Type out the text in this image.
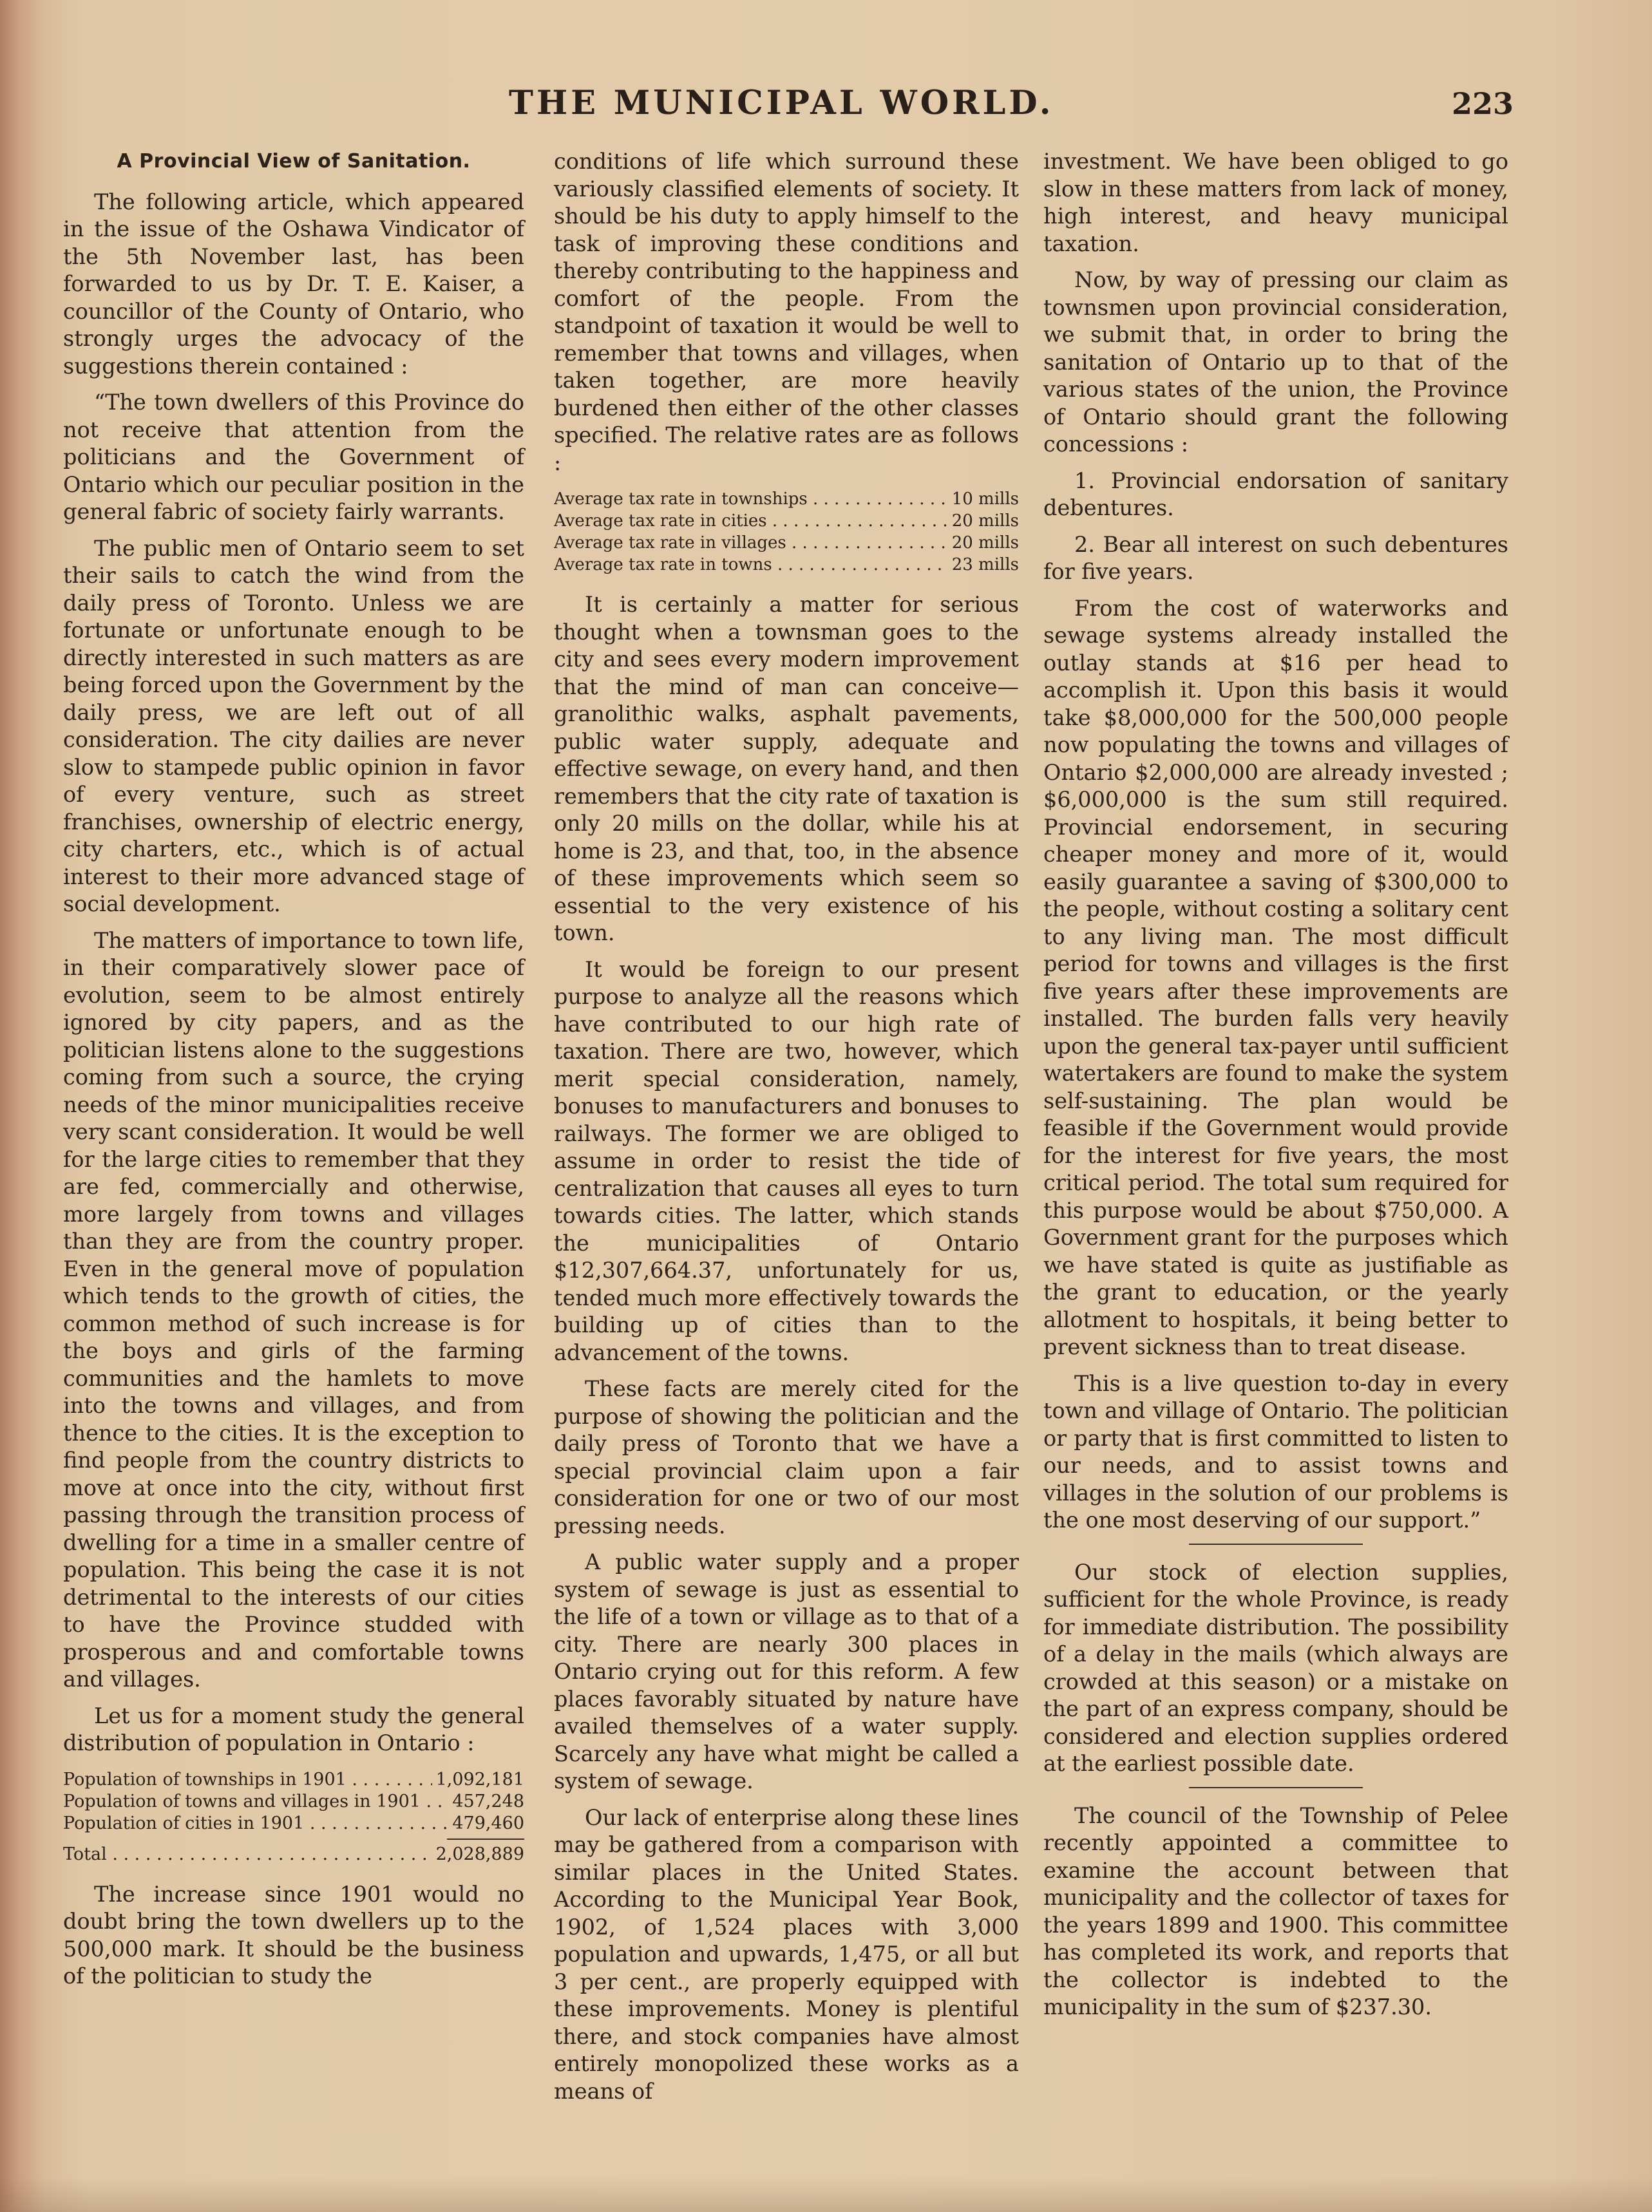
THE MUNICIPAL WORLD.	223
A Provincial View of Sanitation.

The following article, which appeared in the issue of the Oshawa Vindicator of the 5th November last, has been forwarded to us by Dr. T. E. Kaiser, a councillor of the County of Ontario, who strongly urges the advocacy of the suggestions therein contained :

“The town dwellers of this Province do not receive that attention from the politicians and the Government of Ontario which our peculiar position in the general fabric of society fairly warrants.

The public men of Ontario seem to set their sails to catch the wind from the daily press of Toronto. Unless we are fortunate or unfortunate enough to be directly interested in such matters as are being forced upon the Government by the daily press, we are left out of all consideration. The city dailies are never slow to stampede public opinion in favor of every venture, such as street franchises, ownership of electric energy, city charters, etc., which is of actual interest to their more advanced stage of social development.

The matters of importance to town life, in their comparatively slower pace of evolution, seem to be almost entirely ignored by city papers, and as the politician listens alone to the suggestions coming from such a source, the crying needs of the minor municipalities receive very scant consideration. It would be well for the large cities to remember that they are fed, commercially and otherwise, more largely from towns and villages than they are from the country proper. Even in the general move of population which tends to the growth of cities, the common method of such increase is for the boys and girls of the farming communities and the hamlets to move into the towns and villages, and from thence to the cities. It is the exception to find people from the country districts to move at once into the city, without first passing through the transition process of dwelling for a time in a smaller centre of population. This being the case it is not detrimental to the interests of our cities to have the Province studded with prosperous and and comfortable towns and villages.

Let us for a moment study the general distribution of population in Ontario :

Population of townships in 1901 . . .	1,092,181
Population of towns and villages in 1901 . . .	457,248
Population of cities in 1901 . . .	479,460
Total . . .	2,028,889

The increase since 1901 would no doubt bring the town dwellers up to the 500,000 mark. It should be the business of the politician to study the

conditions of life which surround these variously classified elements of society. It should be his duty to apply himself to the task of improving these conditions and thereby contributing to the happiness and comfort of the people. From the standpoint of taxation it would be well to remember that towns and villages, when taken together, are more heavily burdened then either of the other classes specified. The relative rates are as follows :

Average tax rate in townships . . .	10 mills
Average tax rate in cities . . .	20 mills
Average tax rate in villages . . .	20 mills
Average tax rate in towns . . .	23 mills

It is certainly a matter for serious thought when a townsman goes to the city and sees every modern improvement that the mind of man can conceive—granolithic walks, asphalt pavements, public water supply, adequate and effective sewage, on every hand, and then remembers that the city rate of taxation is only 20 mills on the dollar, while his at home is 23, and that, too, in the absence of these improvements which seem so essential to the very existence of his town.

It would be foreign to our present purpose to analyze all the reasons which have contributed to our high rate of taxation. There are two, however, which merit special consideration, namely, bonuses to manufacturers and bonuses to railways. The former we are obliged to assume in order to resist the tide of centralization that causes all eyes to turn towards cities. The latter, which stands the municipalities of Ontario $12,307,664.37, unfortunately for us, tended much more effectively towards the building up of cities than to the advancement of the towns.

These facts are merely cited for the purpose of showing the politician and the daily press of Toronto that we have a special provincial claim upon a fair consideration for one or two of our most pressing needs.

A public water supply and a proper system of sewage is just as essential to the life of a town or village as to that of a city. There are nearly 300 places in Ontario crying out for this reform. A few places favorably situated by nature have availed themselves of a water supply. Scarcely any have what might be called a system of sewage.

Our lack of enterprise along these lines may be gathered from a comparison with similar places in the United States. According to the Municipal Year Book, 1902, of 1,524 places with 3,000 population and upwards, 1,475, or all but 3 per cent., are properly equipped with these improvements. Money is plentiful there, and stock companies have almost entirely monopolized these works as a means of

investment. We have been obliged to go slow in these matters from lack of money, high interest, and heavy municipal taxation.

Now, by way of pressing our claim as townsmen upon provincial consideration, we submit that, in order to bring the sanitation of Ontario up to that of the various states of the union, the Province of Ontario should grant the following concessions :

1. Provincial endorsation of sanitary debentures.

2. Bear all interest on such debentures for five years.

From the cost of waterworks and sewage systems already installed the outlay stands at $16 per head to accomplish it. Upon this basis it would take $8,000,000 for the 500,000 people now populating the towns and villages of Ontario $2,000,000 are already invested ; $6,000,000 is the sum still required. Provincial endorsement, in securing cheaper money and more of it, would easily guarantee a saving of $300,000 to the people, without costing a solitary cent to any living man. The most difficult period for towns and villages is the first five years after these improvements are installed. The burden falls very heavily upon the general tax-payer until sufficient watertakers are found to make the system self-sustaining. The plan would be feasible if the Government would provide for the interest for five years, the most critical period. The total sum required for this purpose would be about $750,000. A Government grant for the purposes which we have stated is quite as justifiable as the grant to education, or the yearly allotment to hospitals, it being better to prevent sickness than to treat disease.

This is a live question to-day in every town and village of Ontario. The politician or party that is first committed to listen to our needs, and to assist towns and villages in the solution of our problems is the one most deserving of our support.”

Our stock of election supplies, sufficient for the whole Province, is ready for immediate distribution. The possibility of a delay in the mails (which always are crowded at this season) or a mistake on the part of an express company, should be considered and election supplies ordered at the earliest possible date.

The council of the Township of Pelee recently appointed a committee to examine the account between that municipality and the collector of taxes for the years 1899 and 1900. This committee has completed its work, and reports that the collector is indebted to the municipality in the sum of $237.30.
